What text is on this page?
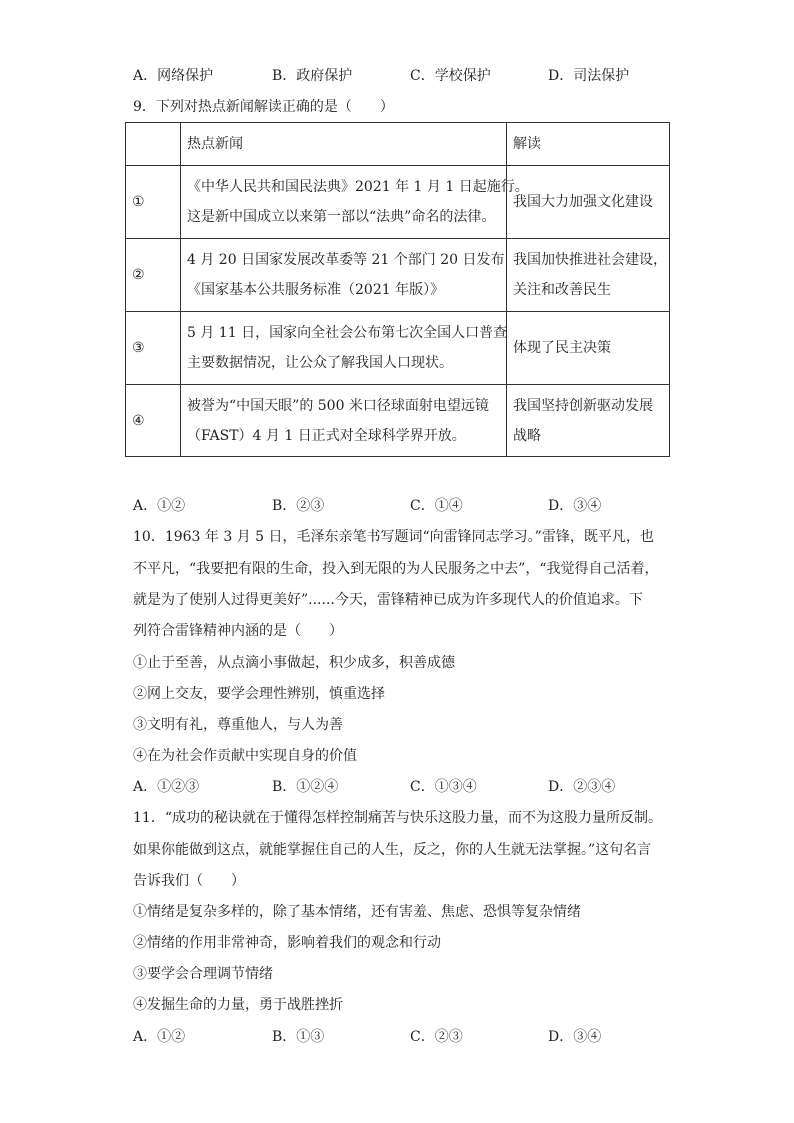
A．网络保护	B．政府保护	C．学校保护	D．司法保护
9．下列对热点新闻解读正确的是（　　）
	热点新闻	解读
①	《中华人民共和国民法典》2021 年 1 月 1 日起施行。
这是新中国成立以来第一部以“法典”命名的法律。	我国大力加强文化建设

②	4 月 20 日国家发展改革委等 21 个部门 20 日发布
《国家基本公共服务标准（2021 年版）》	我国加快推进社会建设，
关注和改善民生

③	5 月 11 日，国家向全社会公布第七次全国人口普查
主要数据情况，让公众了解我国人口现状。	体现了民主决策

④	被誉为“中国天眼”的 500 米口径球面射电望远镜
（FAST）4 月 1 日正式对全球科学界开放。	我国坚持创新驱动发展
战略
A．①②	B．②③	C．①④	D．③④
10．1963 年 3 月 5 日，毛泽东亲笔书写题词“向雷锋同志学习。”雷锋，既平凡，也
不平凡，“我要把有限的生命，投入到无限的为人民服务之中去”，“我觉得自己活着，
就是为了使别人过得更美好”......今天，雷锋精神已成为许多现代人的价值追求。下
列符合雷锋精神内涵的是（　　）
①止于至善，从点滴小事做起，积少成多，积善成德
②网上交友，要学会理性辨别，慎重选择
③文明有礼，尊重他人，与人为善
④在为社会作贡献中实现自身的价值
A．①②③	B．①②④	C．①③④	D．②③④
11．“成功的秘诀就在于懂得怎样控制痛苦与快乐这股力量，而不为这股力量所反制。
如果你能做到这点，就能掌握住自己的人生，反之，你的人生就无法掌握。”这句名言
告诉我们（　　）
①情绪是复杂多样的，除了基本情绪，还有害羞、焦虑、恐惧等复杂情绪
②情绪的作用非常神奇，影响着我们的观念和行动
③要学会合理调节情绪
④发掘生命的力量，勇于战胜挫折
A．①②	B．①③	C．②③	D．③④
